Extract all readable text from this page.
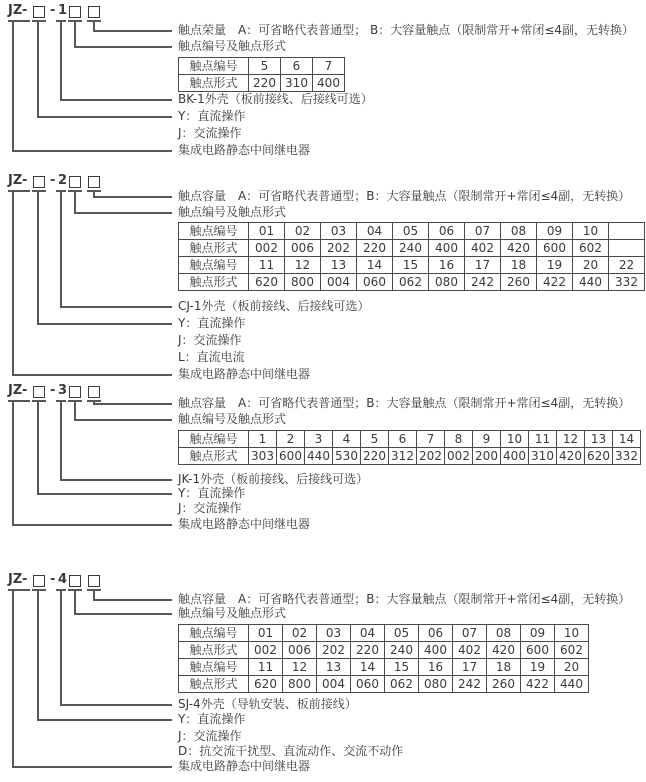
JZ- - 1
触点荣量　A：可省略代表普通型； B：大容量触点（限制常开+常闭≤4副，无转换）
触点编号及触点形式
触点编号	5	6	7
触点形式	220	310	400
BK-1外壳（板前接线、后接线可选）
Y：直流操作
J：交流操作
集成电路静态中间继电器
JZ- - 2
触点容量　A：可省略代表普通型；B：大容量触点（限制常开+常闭≤4副，无转换）
触点编号及触点形式
触点编号	01	02	03	04	05	06	07	08	09	10	
触点形式	002	006	202	220	240	400	402	420	600	602	
触点编号	11	12	13	14	15	16	17	18	19	20	22
触点形式	620	800	004	060	062	080	242	260	422	440	332
CJ-1外壳（板前接线、后接线可选）
Y：直流操作
J：交流操作
L：直流电流
集成电路静态中间继电器
JZ- - 3
触点容量　A：可省略代表普通型；B：大容量触点（限制常开+常闭≤4副，无转换）
触点编号及触点形式
触点编号	1	2	3	4	5	6	7	8	9	10	11	12	13	14
触点形式	303	600	440	530	220	312	202	002	200	400	310	420	620	332
JK-1外壳（板前接线、后接线可选）
Y：直流操作
J：交流操作
集成电路静态中间继电器
JZ- - 4
触点容量　A：可省略代表普通型；B：大容量触点（限制常开+常闭≤4副，无转换）
触点编号及触点形式
触点编号	01	02	03	04	05	06	07	08	09	10
触点形式	002	006	202	220	240	400	402	420	600	602
触点编号	11	12	13	14	15	16	17	18	19	20
触点形式	620	800	004	060	062	080	242	260	422	440
SJ-4外壳（导轨安装、板前接线）
Y：直流操作
J：交流操作
D：抗交流干扰型、直流动作、交流不动作
集成电路静态中间继电器
